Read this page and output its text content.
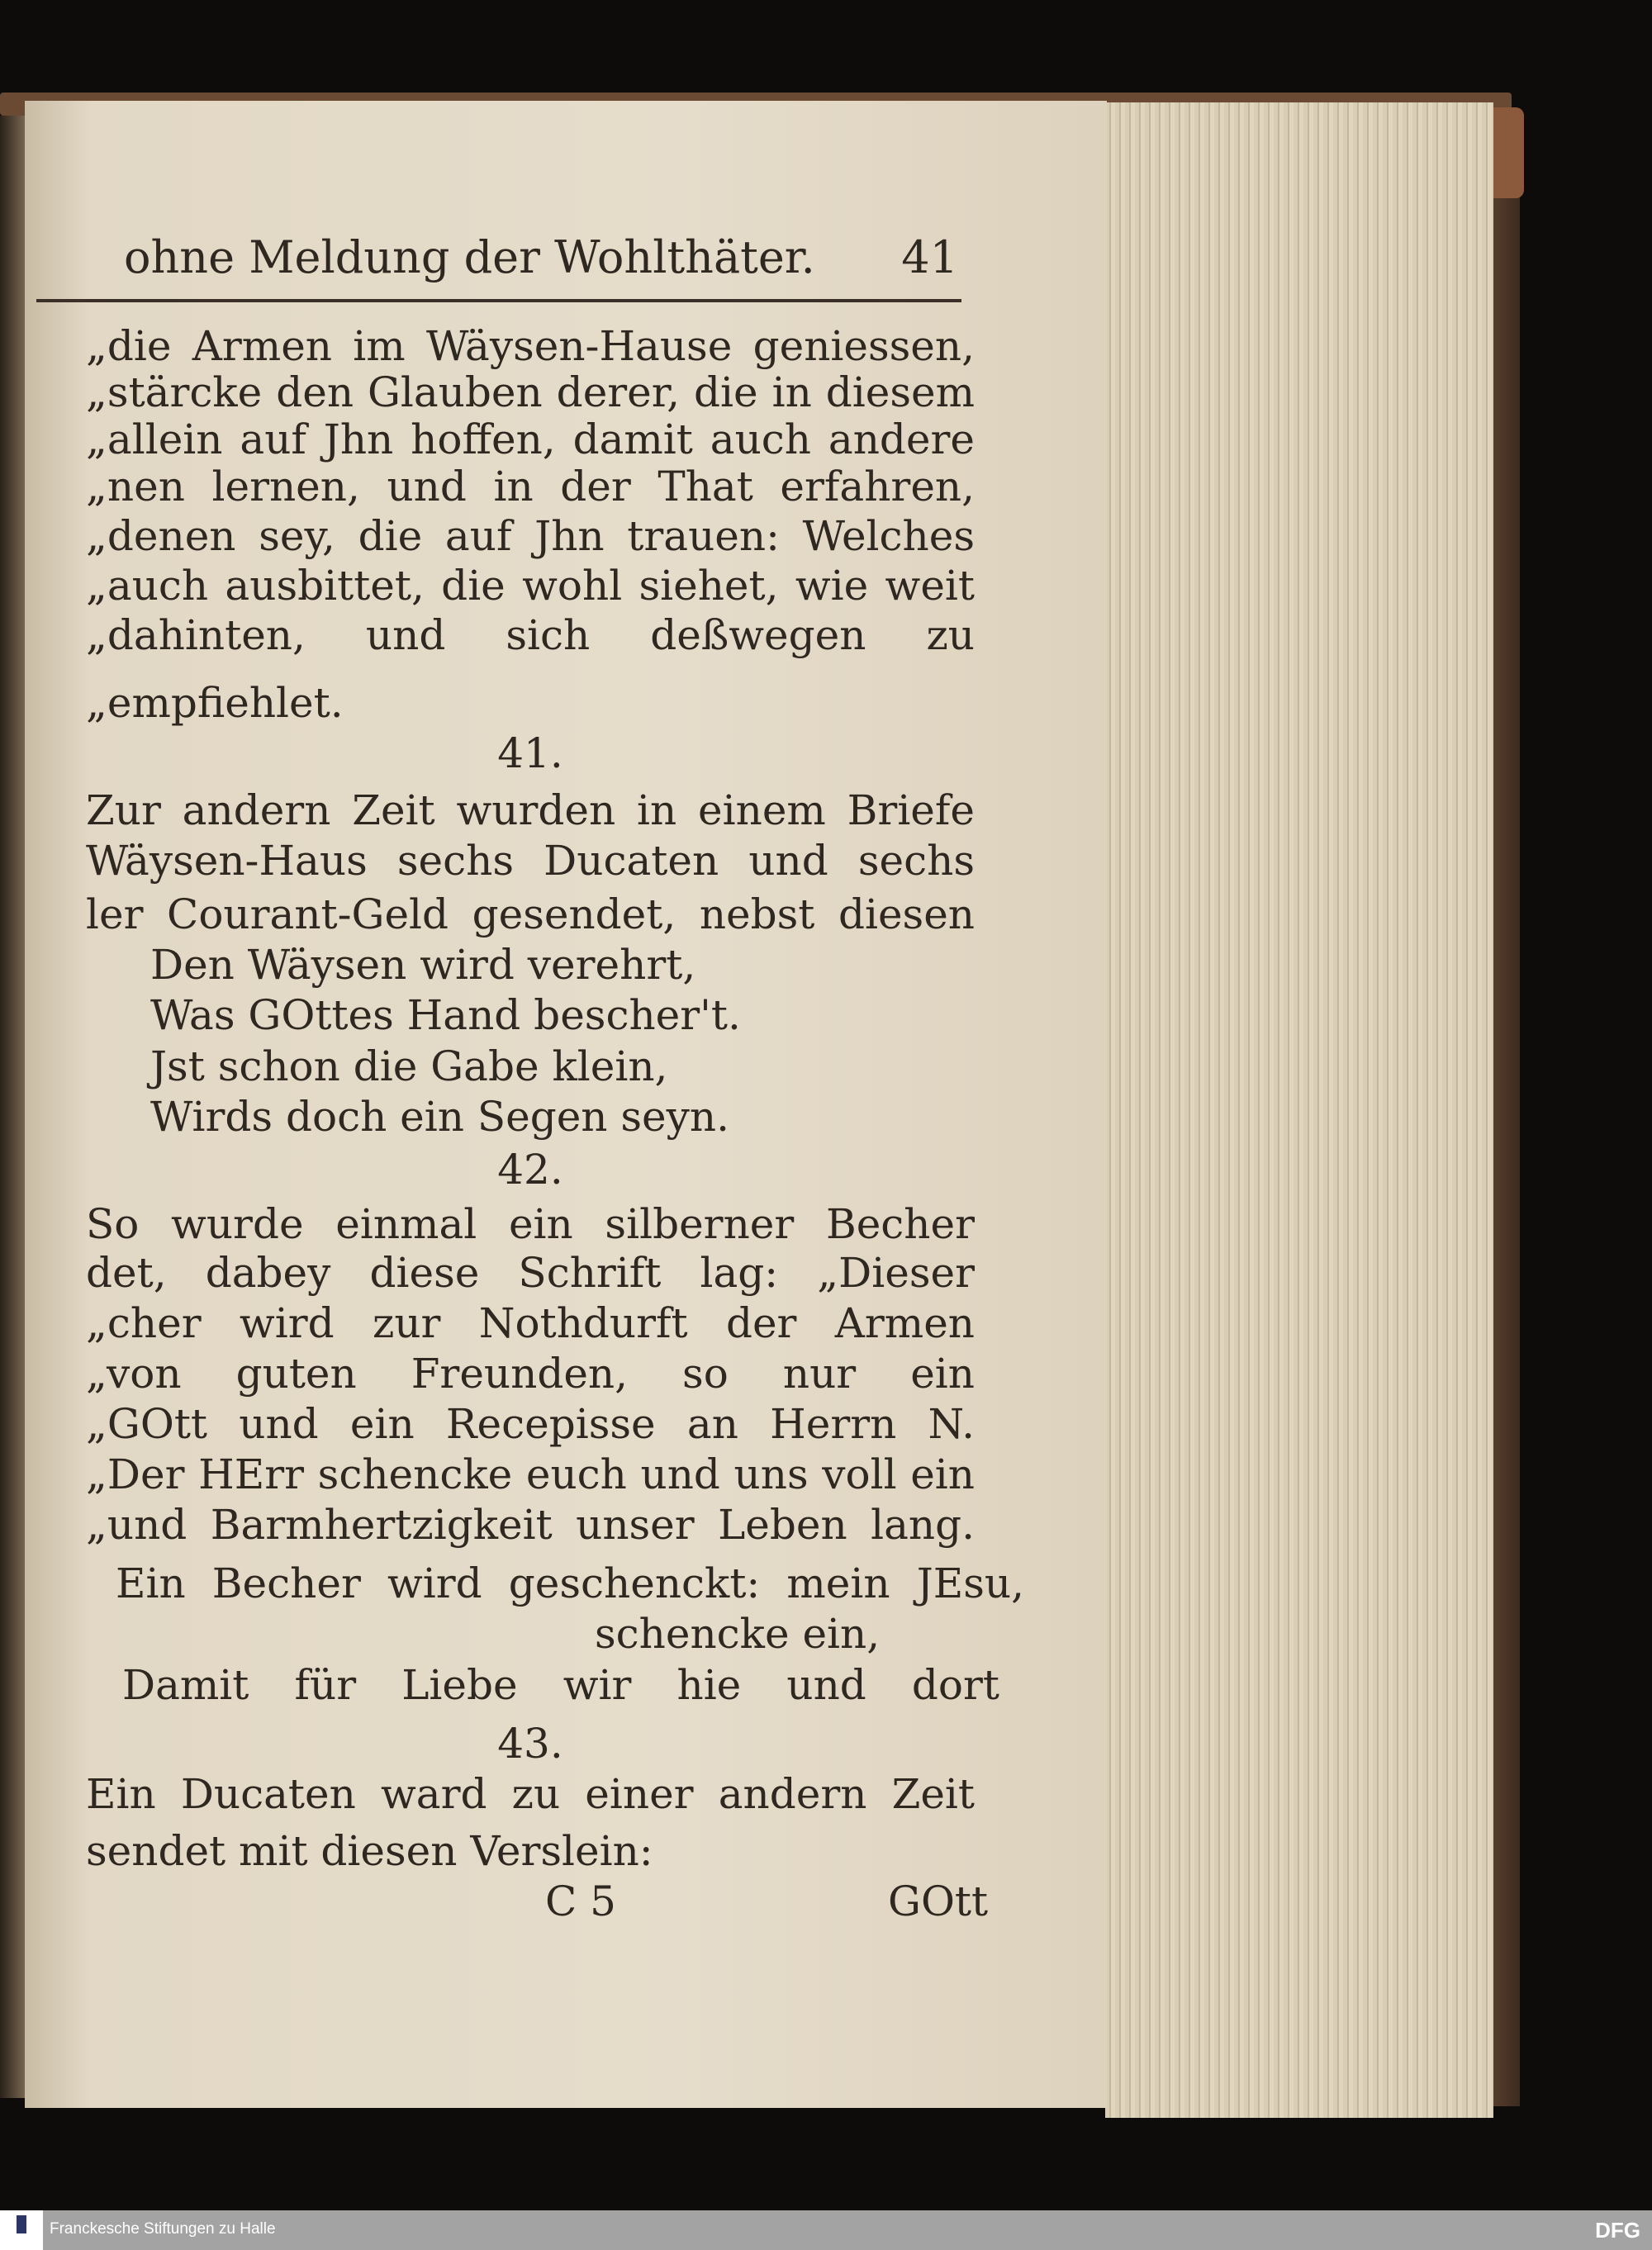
ohne Meldung der Wohlthäter. 41
„die Armen im Wäysen-Hause geniessen,
„stärcke den Glauben derer, die in diesem
„allein auf Jhn hoffen, damit auch andere
„nen lernen, und in der That erfahren,
„denen sey, die auf Jhn trauen: Welches
„auch ausbittet, die wohl siehet, wie weit
„dahinten, und sich deßwegen zu
„empfiehlet.
41.
Zur andern Zeit wurden in einem Briefe
Wäysen-Haus sechs Ducaten und sechs
ler Courant-Geld gesendet, nebst diesen
Den Wäysen wird verehrt,
Was GOttes Hand bescher't.
Jst schon die Gabe klein,
Wirds doch ein Segen seyn.
42.
So wurde einmal ein silberner Becher
det, dabey diese Schrift lag: „Dieser
„cher wird zur Nothdurft der Armen
„von guten Freunden, so nur ein
„GOtt und ein Recepisse an Herrn N.
„Der HErr schencke euch und uns voll ein
„und Barmhertzigkeit unser Leben lang.
Ein Becher wird geschenckt: mein JEsu,
schencke ein,
Damit für Liebe wir hie und dort
43.
Ein Ducaten ward zu einer andern Zeit
sendet mit diesen Verslein:
C 5	GOtt
Franckesche Stiftungen zu Halle	DFG
